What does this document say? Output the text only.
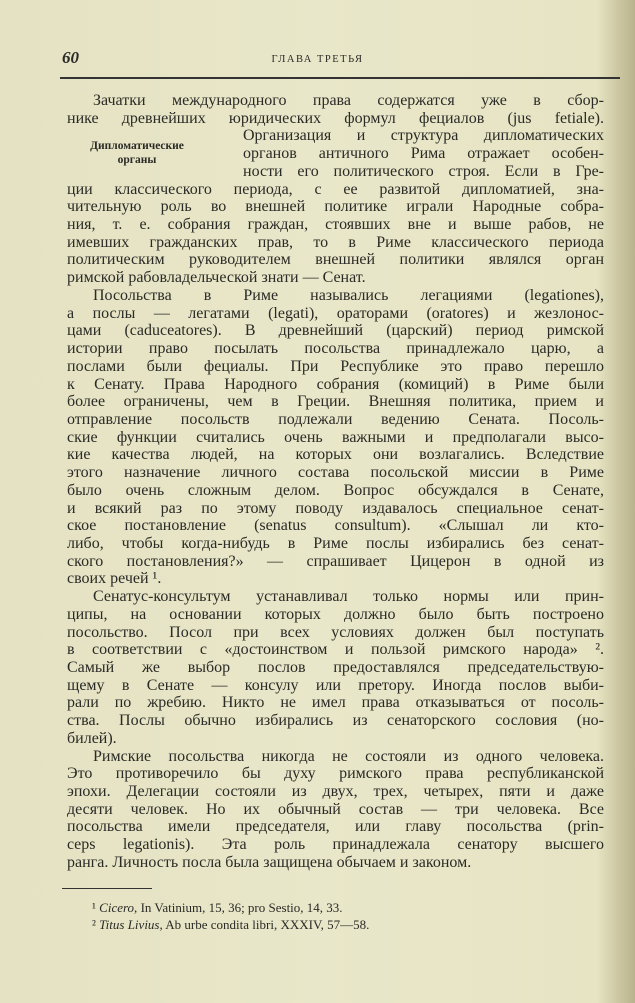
60	ГЛАВА ТРЕТЬЯ
Дипломатические
органы
Зачатки международного права содержатся уже в сбор-
нике древнейших юридических формул фециалов (jus fetiale).
Организация и структура дипломатических
органов античного Рима отражает особен-
ности его политического строя. Если в Гре-
ции классического периода, с ее развитой дипломатией, зна-
чительную роль во внешней политике играли Народные собра-
ния, т. е. собрания граждан, стоявших вне и выше рабов, не
имевших гражданских прав, то в Риме классического периода
политическим руководителем внешней политики являлся орган
римской рабовладельческой знати — Сенат.
Посольства в Риме назывались легациями (legationes),
а послы — легатами (legati), ораторами (oratores) и жезлонос-
цами (caduceatores). В древнейший (царский) период римской
истории право посылать посольства принадлежало царю, а
послами были фециалы. При Республике это право перешло
к Сенату. Права Народного собрания (комиций) в Риме были
более ограничены, чем в Греции. Внешняя политика, прием и
отправление посольств подлежали ведению Сената. Посоль-
ские функции считались очень важными и предполагали высо-
кие качества людей, на которых они возлагались. Вследствие
этого назначение личного состава посольской миссии в Риме
было очень сложным делом. Вопрос обсуждался в Сенате,
и всякий раз по этому поводу издавалось специальное сенат-
ское постановление (senatus consultum). «Слышал ли кто-
либо, чтобы когда-нибудь в Риме послы избирались без сенат-
ского постановления?» — спрашивает Цицерон в одной из
своих речей ¹.
Сенатус-консультум устанавливал только нормы или прин-
ципы, на основании которых должно было быть построено
посольство. Посол при всех условиях должен был поступать
в соответствии с «достоинством и пользой римского народа» ².
Самый же выбор послов предоставлялся председательствую-
щему в Сенате — консулу или претору. Иногда послов выби-
рали по жребию. Никто не имел права отказываться от посоль-
ства. Послы обычно избирались из сенаторского сословия (но-
билей).
Римские посольства никогда не состояли из одного человека.
Это противоречило бы духу римского права республиканской
эпохи. Делегации состояли из двух, трех, четырех, пяти и даже
десяти человек. Но их обычный состав — три человека. Все
посольства имели председателя, или главу посольства (prin-
ceps legationis). Эта роль принадлежала сенатору высшего
ранга. Личность посла была защищена обычаем и законом.
¹ Cicero, In Vatinium, 15, 36; pro Sestio, 14, 33.
² Titus Livius, Ab urbe condita libri, XXXIV, 57—58.
